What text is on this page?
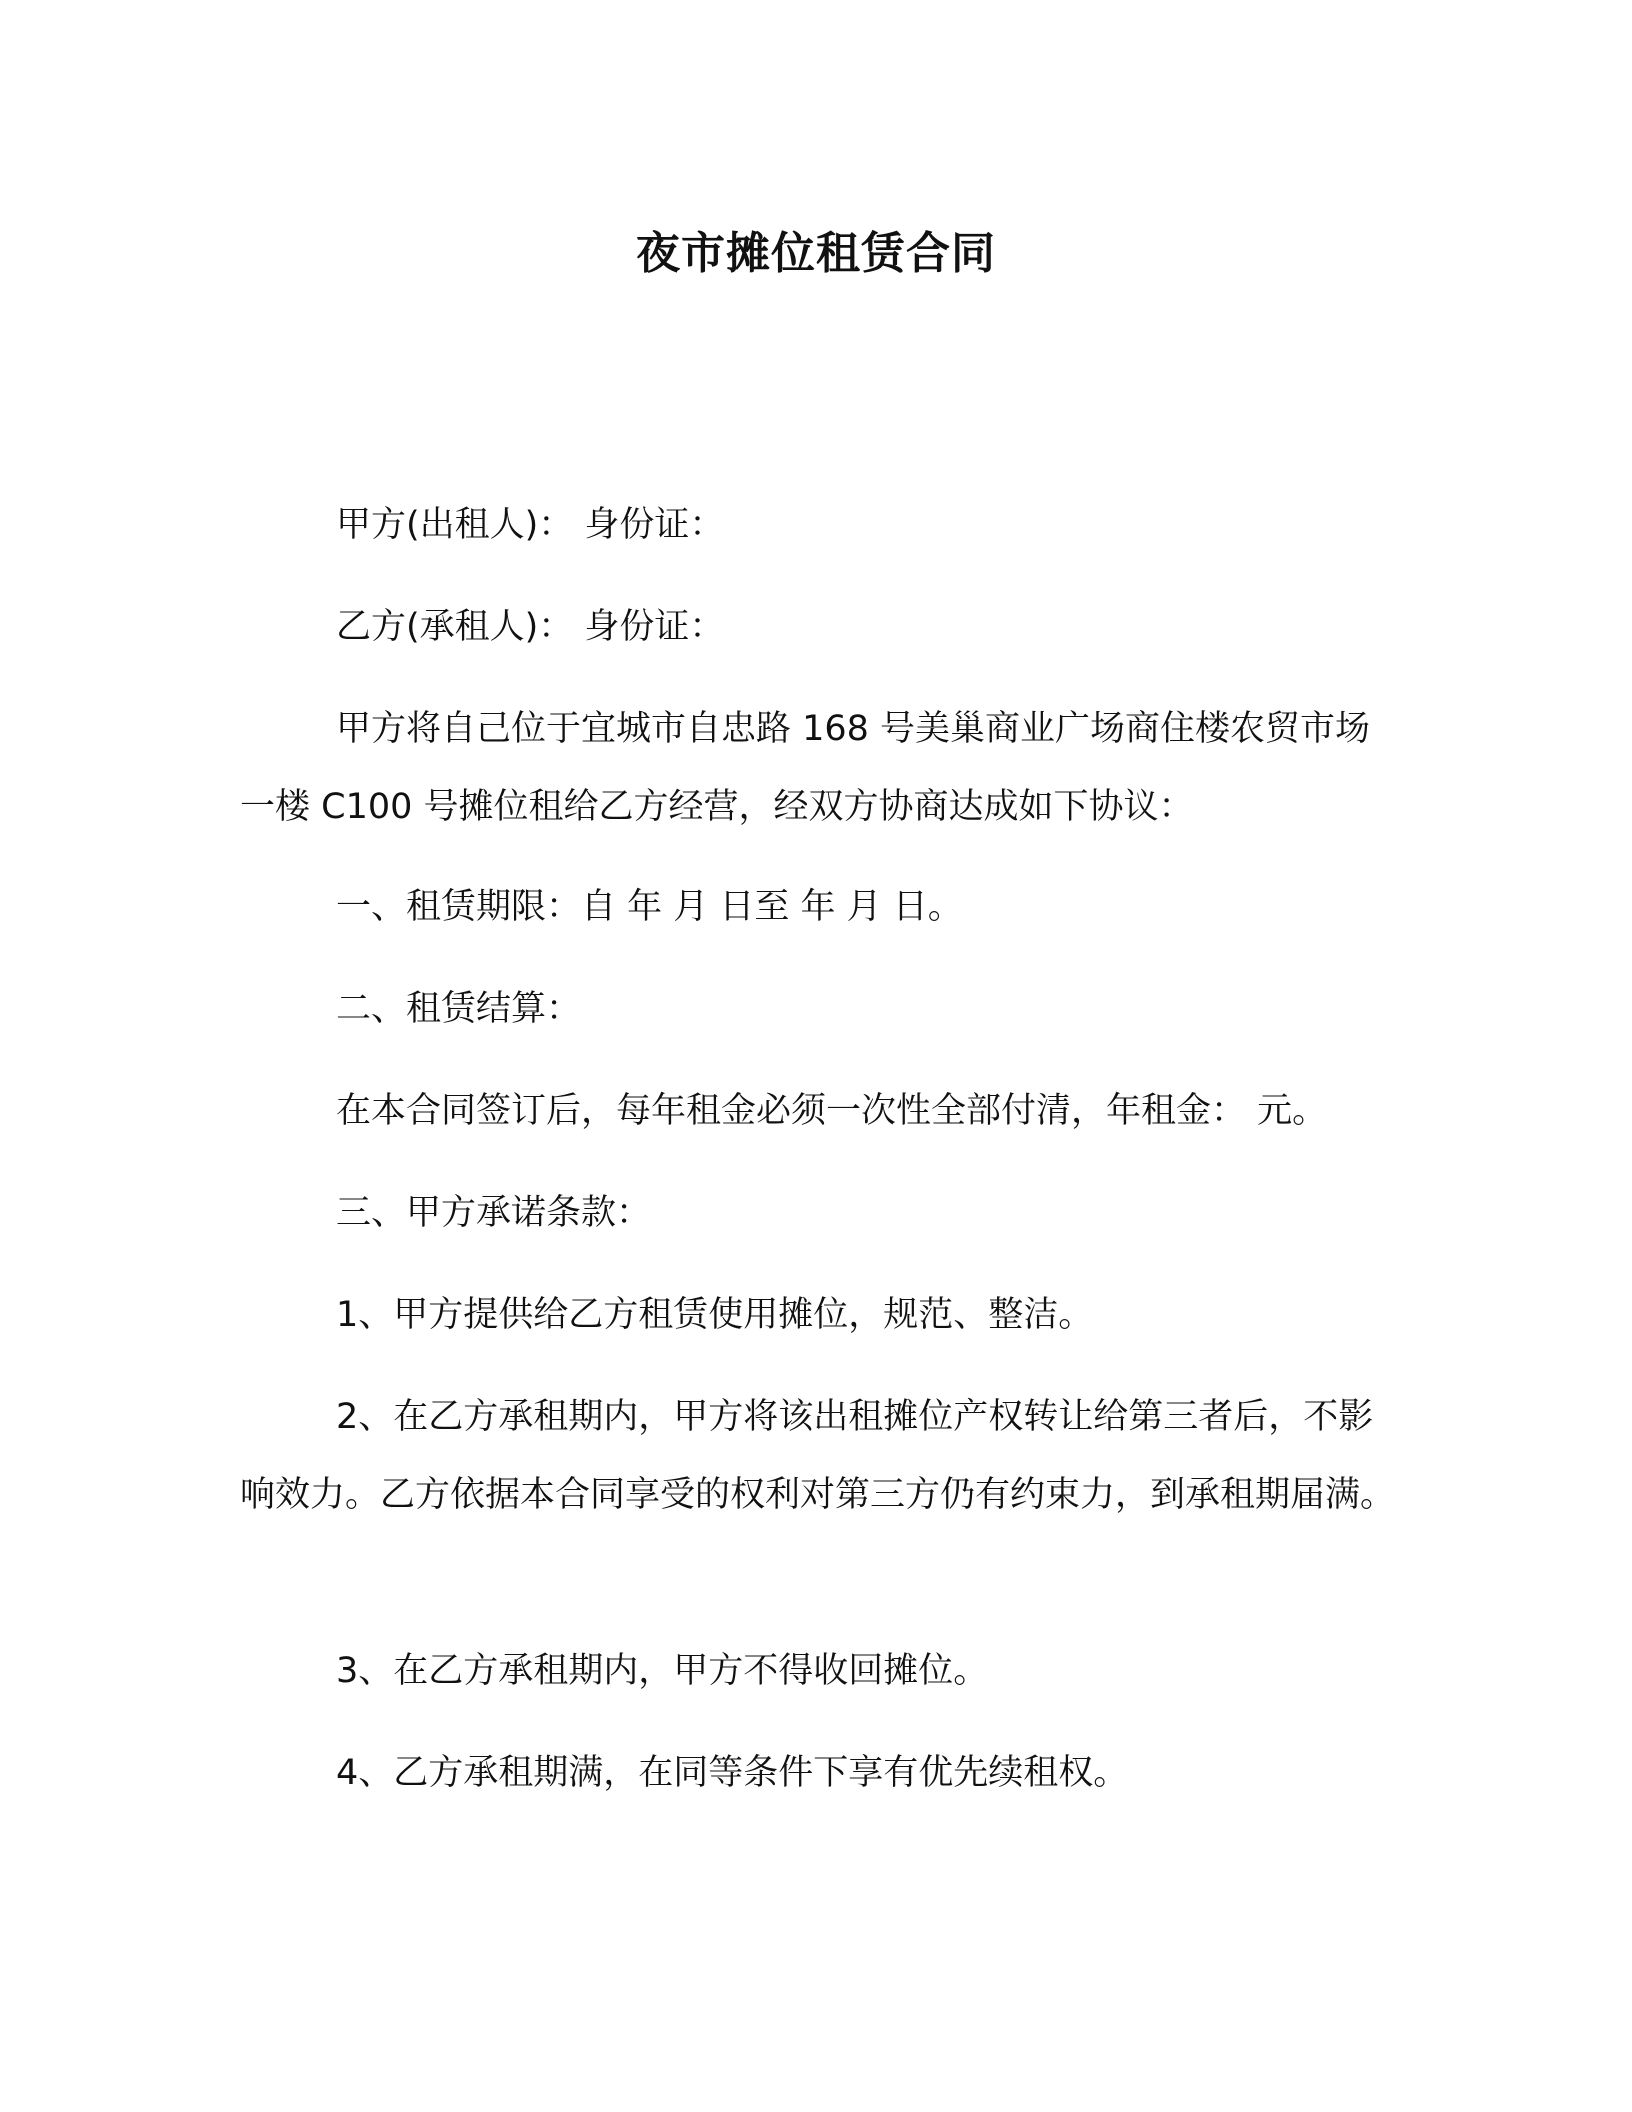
夜市摊位租赁合同
甲方(出租人)： 身份证：
乙方(承租人)： 身份证：
甲方将自己位于宜城市自忠路 168 号美巢商业广场商住楼农贸市场一楼 C100 号摊位租给乙方经营，经双方协商达成如下协议：
一、租赁期限：自 年 月 日至 年 月 日。
二、租赁结算：
在本合同签订后，每年租金必须一次性全部付清，年租金： 元。
三、甲方承诺条款：
1、甲方提供给乙方租赁使用摊位，规范、整洁。
2、在乙方承租期内，甲方将该出租摊位产权转让给第三者后，不影响效力。乙方依据本合同享受的权利对第三方仍有约束力，到承租期届满。
3、在乙方承租期内，甲方不得收回摊位。
4、乙方承租期满，在同等条件下享有优先续租权。
